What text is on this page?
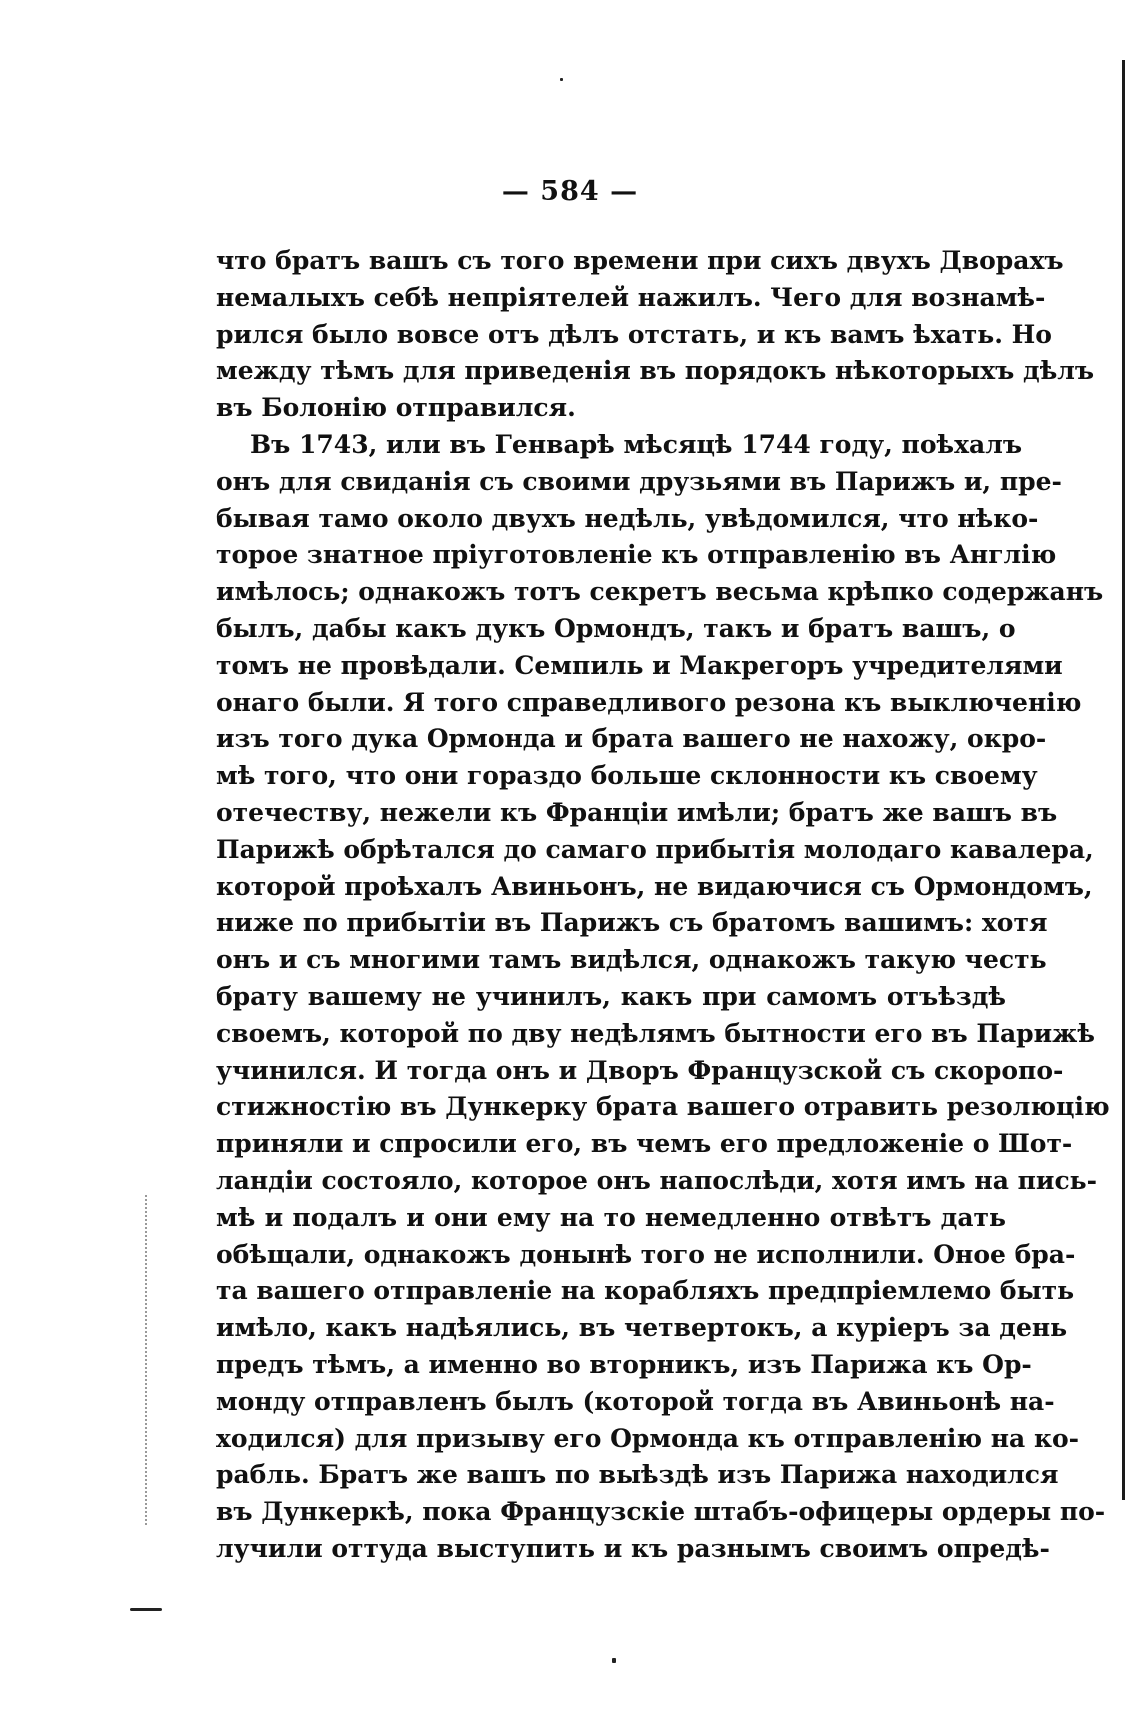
— 584 —
что братъ вашъ съ того времени при сихъ двухъ Дворахъ
немалыхъ себѣ непріятелей нажилъ. Чего для вознамѣ-
рился было вовсе отъ дѣлъ отстать, и къ вамъ ѣхать. Но
между тѣмъ для приведенія въ порядокъ нѣкоторыхъ дѣлъ
въ Болонію отправился.
Въ 1743, или въ Генварѣ мѣсяцѣ 1744 году, поѣхалъ
онъ для свиданія съ своими друзьями въ Парижъ и, пре-
бывая тамо около двухъ недѣль, увѣдомился, что нѣко-
торое знатное пріуготовленіе къ отправленію въ Англію
имѣлось; однакожъ тотъ секретъ весьма крѣпко содержанъ
былъ, дабы какъ дукъ Ормондъ, такъ и братъ вашъ, о
томъ не провѣдали. Семпиль и Макрегоръ учредителями
онаго были. Я того справедливого резона къ выключенію
изъ того дука Ормонда и брата вашего не нахожу, окро-
мѣ того, что они гораздо больше склонности къ своему
отечеству, нежели къ Франціи имѣли; братъ же вашъ въ
Парижѣ обрѣтался до самаго прибытія молодаго кавалера,
которой проѣхалъ Авиньонъ, не видаючися съ Ормондомъ,
ниже по прибытіи въ Парижъ съ братомъ вашимъ: хотя
онъ и съ многими тамъ видѣлся, однакожъ такую честь
брату вашему не учинилъ, какъ при самомъ отъѣздѣ
своемъ, которой по дву недѣлямъ бытности его въ Парижѣ
учинился. И тогда онъ и Дворъ Французской съ скоропо-
стижностію въ Дункерку брата вашего отравить резолюцію
приняли и спросили его, въ чемъ его предложеніе о Шот-
ландіи состояло, которое онъ напослѣди, хотя имъ на пись-
мѣ и подалъ и они ему на то немедленно отвѣтъ дать
обѣщали, однакожъ донынѣ того не исполнили. Оное бра-
та вашего отправленіе на корабляхъ предпріемлемо быть
имѣло, какъ надѣялись, въ четвертокъ, а куріеръ за день
предъ тѣмъ, а именно во вторникъ, изъ Парижа къ Ор-
монду отправленъ былъ (которой тогда въ Авиньонѣ на-
ходился) для призыву его Ормонда къ отправленію на ко-
рабль. Братъ же вашъ по выѣздѣ изъ Парижа находился
въ Дункеркѣ, пока Французскіе штабъ-офицеры ордеры по-
лучили оттуда выступить и къ разнымъ своимъ опредѣ-
